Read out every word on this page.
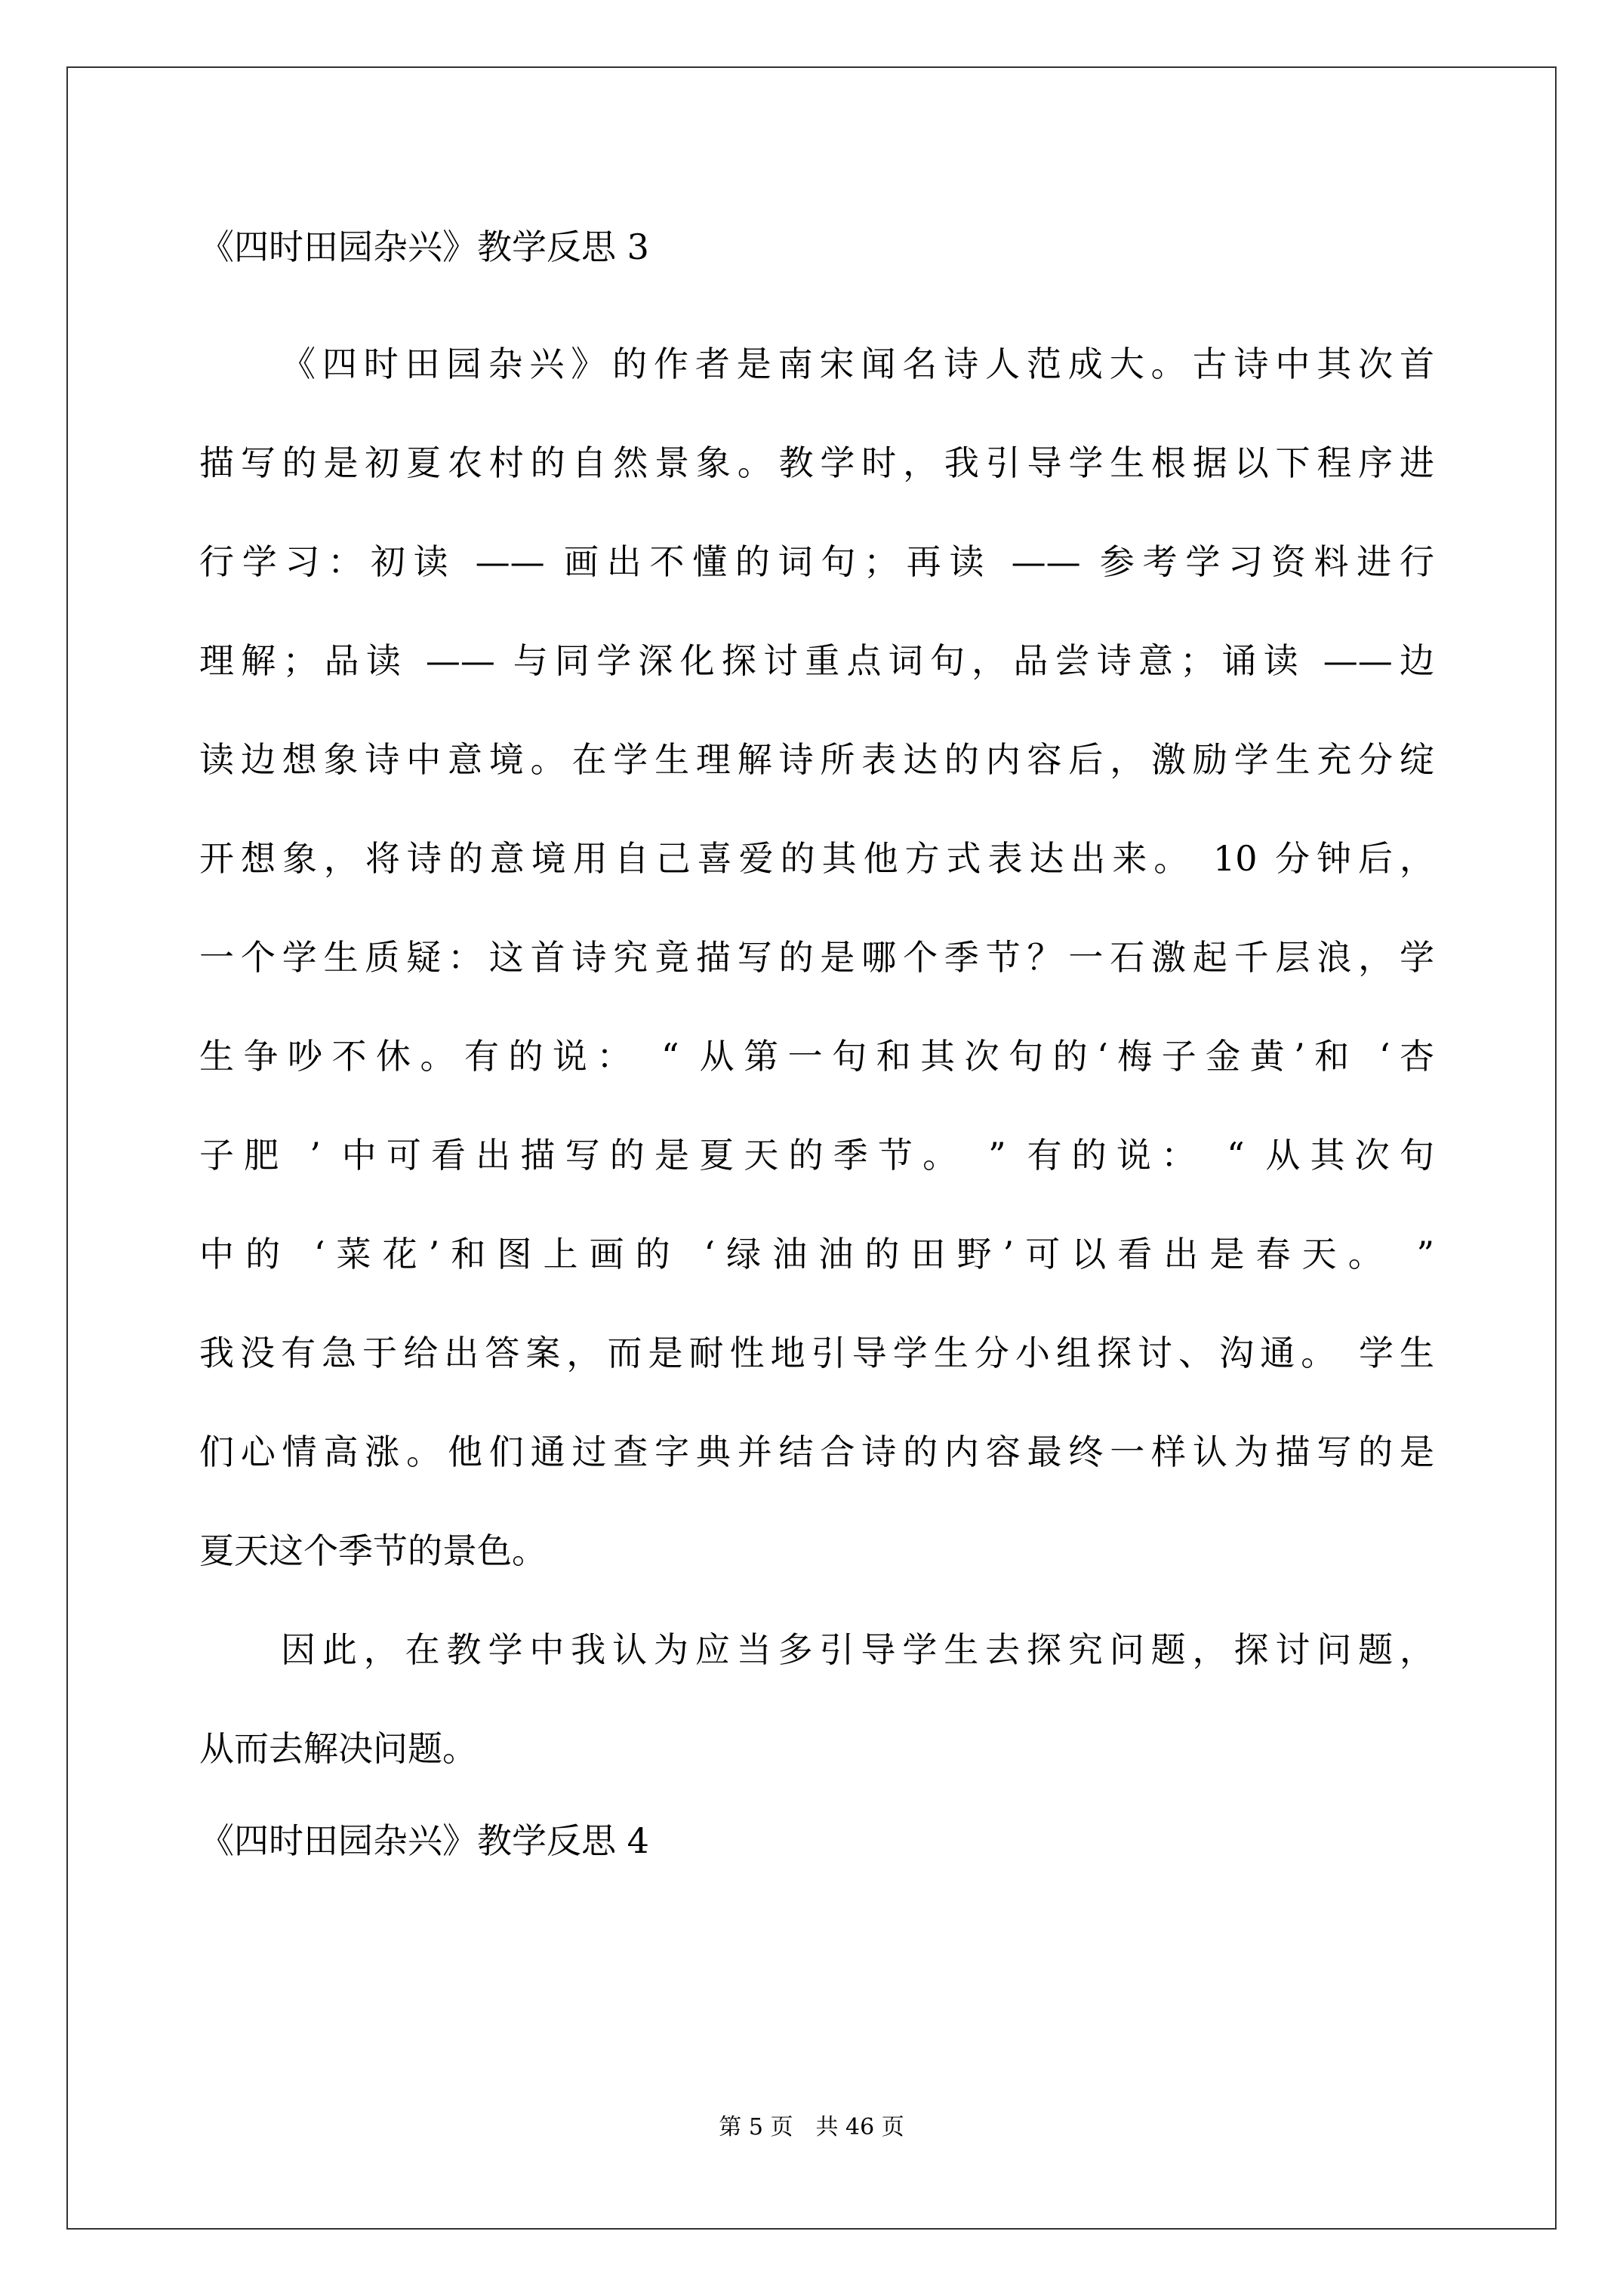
《四时田园杂兴》教学反思 3
《四时田园杂兴》的作者是南宋闻名诗人范成大。古诗中其次首
描写的是初夏农村的自然景象。教学时，我引导学生根据以下程序进
行学习：初读 —— 画出不懂的词句；再读 —— 参考学习资料进行
理解；品读 —— 与同学深化探讨重点词句，品尝诗意；诵读 ——边
读边想象诗中意境。在学生理解诗所表达的内容后，激励学生充分绽
开想象，将诗的意境用自己喜爱的其他方式表达出来。 10 分钟后，
一个学生质疑：这首诗究竟描写的是哪个季节？一石激起千层浪，学
生争吵不休。有的说： “ 从第一句和其次句的‘梅子金黄’和 ‘杏
子肥 ’ 中可看出描写的是夏天的季节。 ” 有的说： “ 从其次句
中的 ‘菜花’和图上画的 ‘绿油油的田野’可以看出是春天。 ”
我没有急于给出答案，而是耐性地引导学生分小组探讨、沟通。 学生
们心情高涨。他们通过查字典并结合诗的内容最终一样认为描写的是
夏天这个季节的景色。
因此，在教学中我认为应当多引导学生去探究问题，探讨问题，
从而去解决问题。
《四时田园杂兴》教学反思 4
第 5 页　共 46 页
